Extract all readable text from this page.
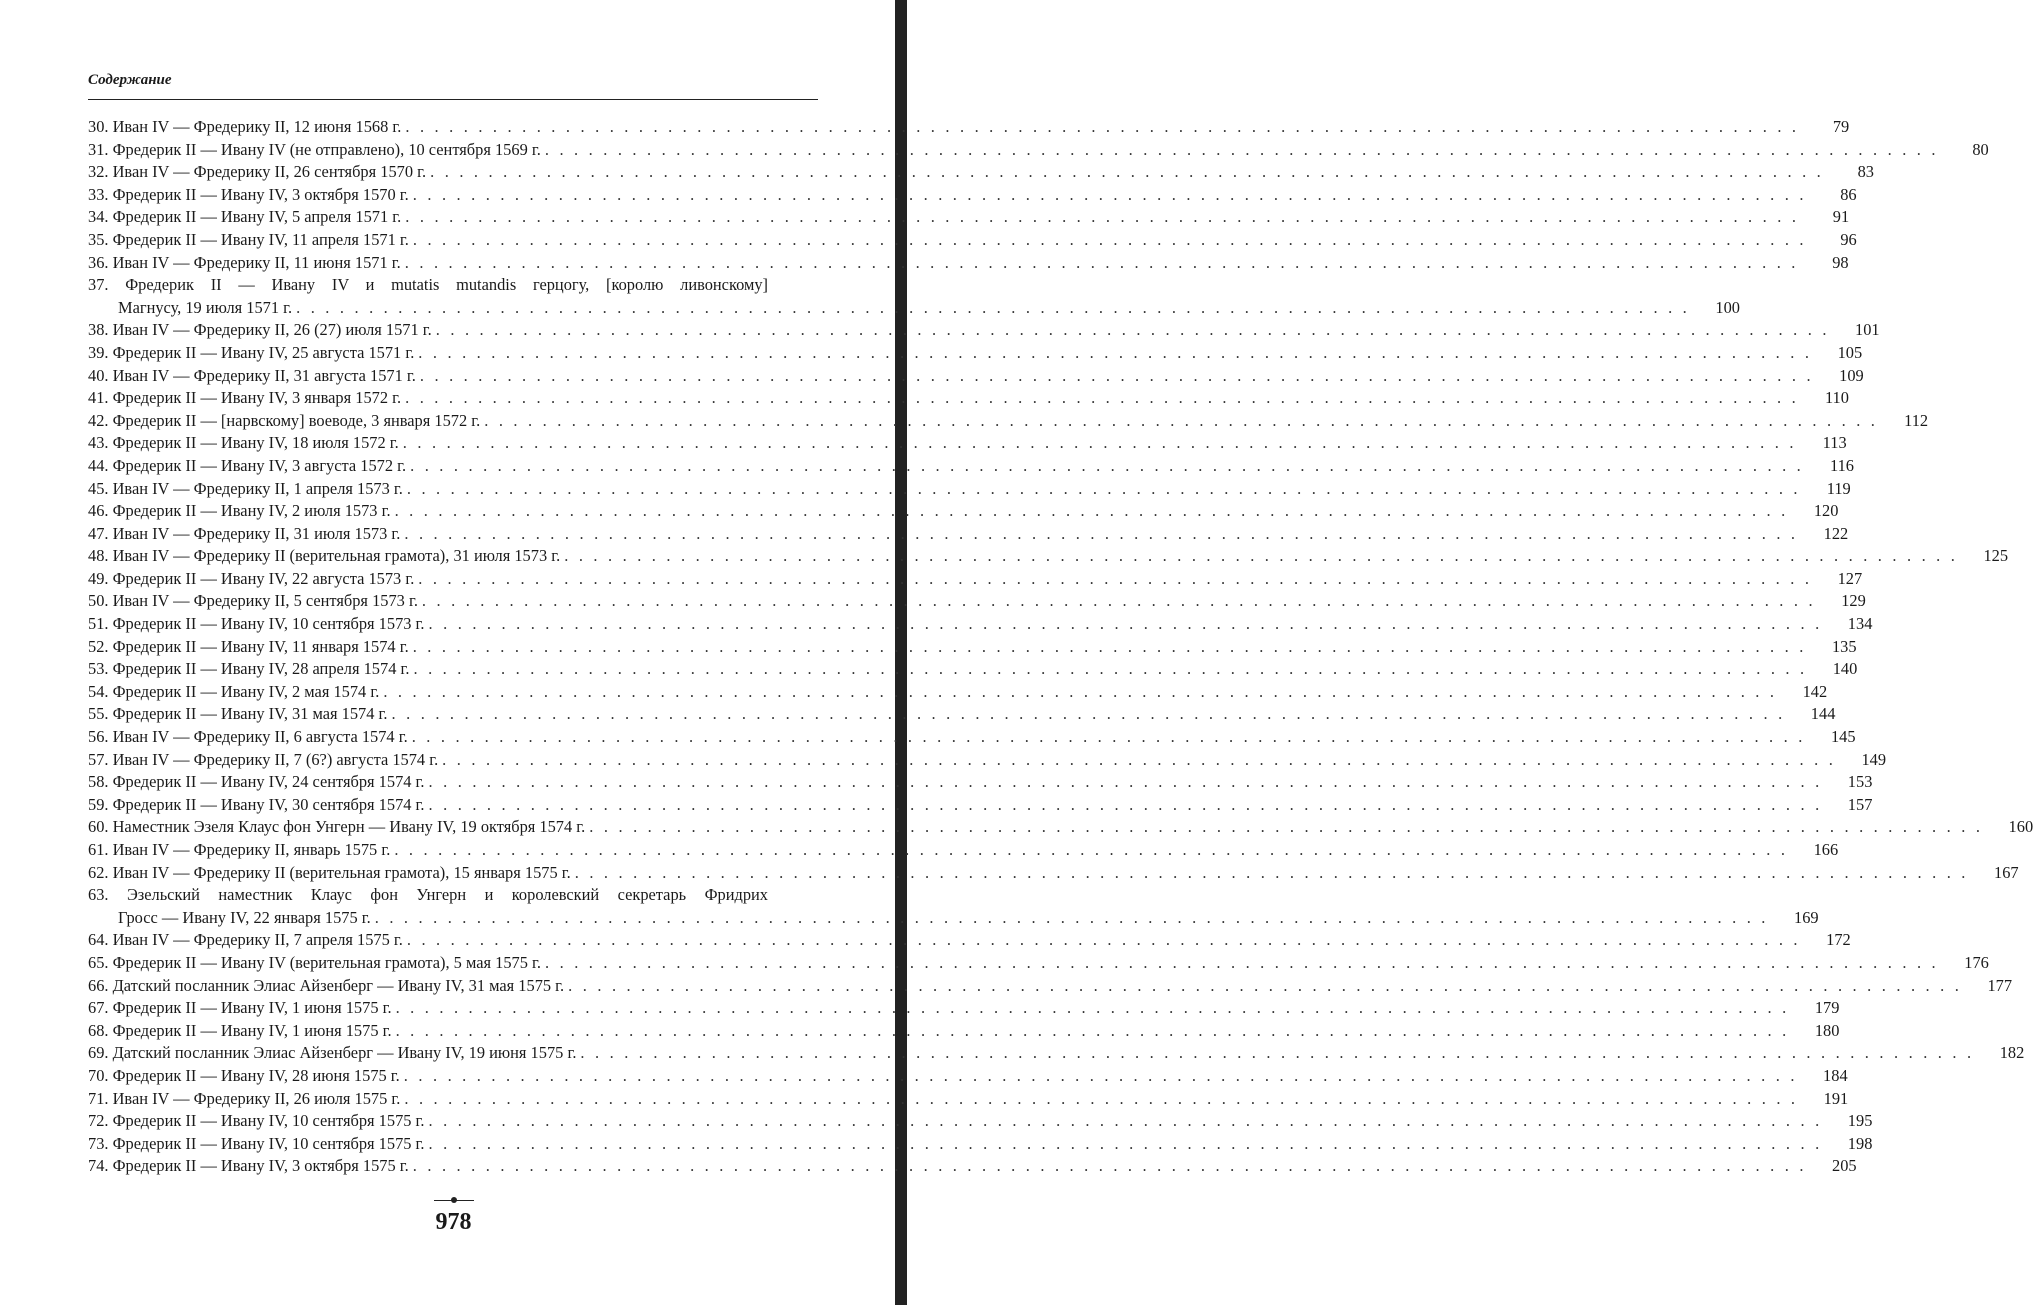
Содержание
30. Иван IV — Фредерику II, 12 июня 1568 г. . . .	79
31. Фредерик II — Ивану IV (не отправлено), 10 сентября 1569 г. . . .	80
32. Иван IV — Фредерику II, 26 сентября 1570 г. . . .	83
33. Фредерик II — Ивану IV, 3 октября 1570 г. . . .	86
34. Фредерик II — Ивану IV, 5 апреля 1571 г. . . .	91
35. Фредерик II — Ивану IV, 11 апреля 1571 г. . . .	96
36. Иван IV — Фредерику II, 11 июня 1571 г. . . .	98
37. Фредерик II — Ивану IV и mutatis mutandis герцогу, [королю ливонскому]
Магнусу, 19 июля 1571 г. . . .	100
38. Иван IV — Фредерику II, 26 (27) июля 1571 г. . . .	101
39. Фредерик II — Ивану IV, 25 августа 1571 г. . . .	105
40. Иван IV — Фредерику II, 31 августа 1571 г. . . .	109
41. Фредерик II — Ивану IV, 3 января 1572 г. . . .	110
42. Фредерик II — [нарвскому] воеводе, 3 января 1572 г. . . .	112
43. Фредерик II — Ивану IV, 18 июля 1572 г. . . .	113
44. Фредерик II — Ивану IV, 3 августа 1572 г. . . .	116
45. Иван IV — Фредерику II, 1 апреля 1573 г. . . .	119
46. Фредерик II — Ивану IV, 2 июля 1573 г. . . .	120
47. Иван IV — Фредерику II, 31 июля 1573 г. . . .	122
48. Иван IV — Фредерику II (верительная грамота), 31 июля 1573 г. . . .	125
49. Фредерик II — Ивану IV, 22 августа 1573 г. . . .	127
50. Иван IV — Фредерику II, 5 сентября 1573 г. . . .	129
51. Фредерик II — Ивану IV, 10 сентября 1573 г. . . .	134
52. Фредерик II — Ивану IV, 11 января 1574 г. . . .	135
53. Фредерик II — Ивану IV, 28 апреля 1574 г. . . .	140
54. Фредерик II — Ивану IV, 2 мая 1574 г. . . .	142
55. Фредерик II — Ивану IV, 31 мая 1574 г. . . .	144
56. Иван IV — Фредерику II, 6 августа 1574 г. . . .	145
57. Иван IV — Фредерику II, 7 (6?) августа 1574 г. . . .	149
58. Фредерик II — Ивану IV, 24 сентября 1574 г. . . .	153
59. Фредерик II — Ивану IV, 30 сентября 1574 г. . . .	157
60. Наместник Эзеля Клаус фон Унгерн — Ивану IV, 19 октября 1574 г. . . .	160
61. Иван IV — Фредерику II, январь 1575 г. . . .	166
62. Иван IV — Фредерику II (верительная грамота), 15 января 1575 г. . . .	167
63. Эзельский наместник Клаус фон Унгерн и королевский секретарь Фридрих
Гросс — Ивану IV, 22 января 1575 г. . . .	169
64. Иван IV — Фредерику II, 7 апреля 1575 г. . . .	172
65. Фредерик II — Ивану IV (верительная грамота), 5 мая 1575 г. . . .	176
66. Датский посланник Элиас Айзенберг — Ивану IV, 31 мая 1575 г. . . .	177
67. Фредерик II — Ивану IV, 1 июня 1575 г. . . .	179
68. Фредерик II — Ивану IV, 1 июня 1575 г. . . .	180
69. Датский посланник Элиас Айзенберг — Ивану IV, 19 июня 1575 г. . . .	182
70. Фредерик II — Ивану IV, 28 июня 1575 г. . . .	184
71. Иван IV — Фредерику II, 26 июля 1575 г. . . .	191
72. Фредерик II — Ивану IV, 10 сентября 1575 г. . . .	195
73. Фредерик II — Ивану IV, 10 сентября 1575 г. . . .	198
74. Фредерик II — Ивану IV, 3 октября 1575 г. . . .	205
978
